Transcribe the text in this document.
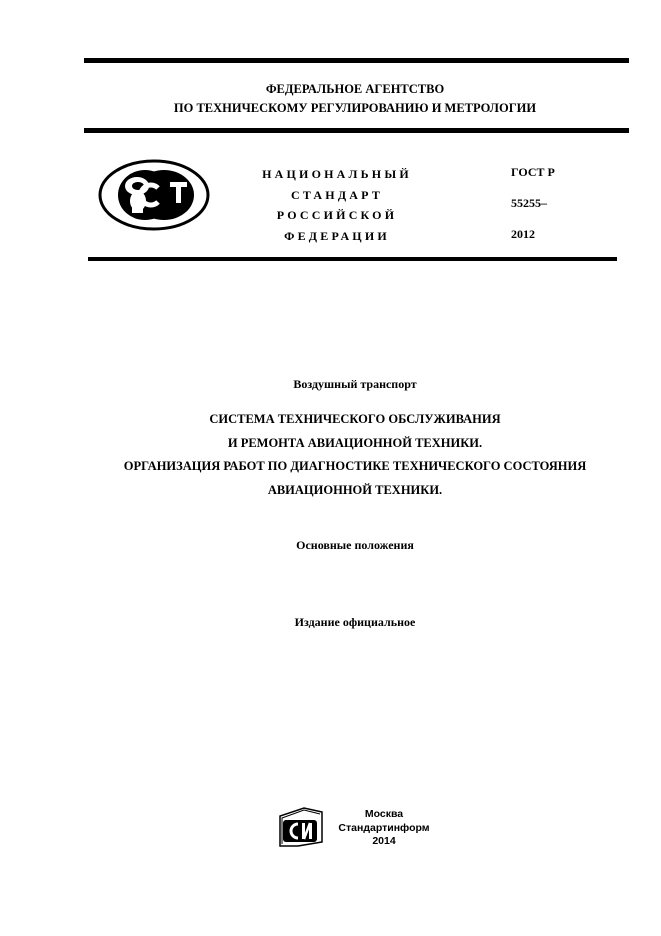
ФЕДЕРАЛЬНОЕ АГЕНТСТВО
ПО ТЕХНИЧЕСКОМУ РЕГУЛИРОВАНИЮ И МЕТРОЛОГИИ
НАЦИОНАЛЬНЫЙ
СТАНДАРТ
РОССИЙСКОЙ
ФЕДЕРАЦИИ
ГОСТ Р
55255–
2012
Воздушный транспорт
СИСТЕМА ТЕХНИЧЕСКОГО ОБСЛУЖИВАНИЯ
И РЕМОНТА АВИАЦИОННОЙ ТЕХНИКИ.
ОРГАНИЗАЦИЯ РАБОТ ПО ДИАГНОСТИКЕ ТЕХНИЧЕСКОГО СОСТОЯНИЯ
АВИАЦИОННОЙ ТЕХНИКИ.
Основные положения
Издание официальное
Москва
Стандартинформ
2014
